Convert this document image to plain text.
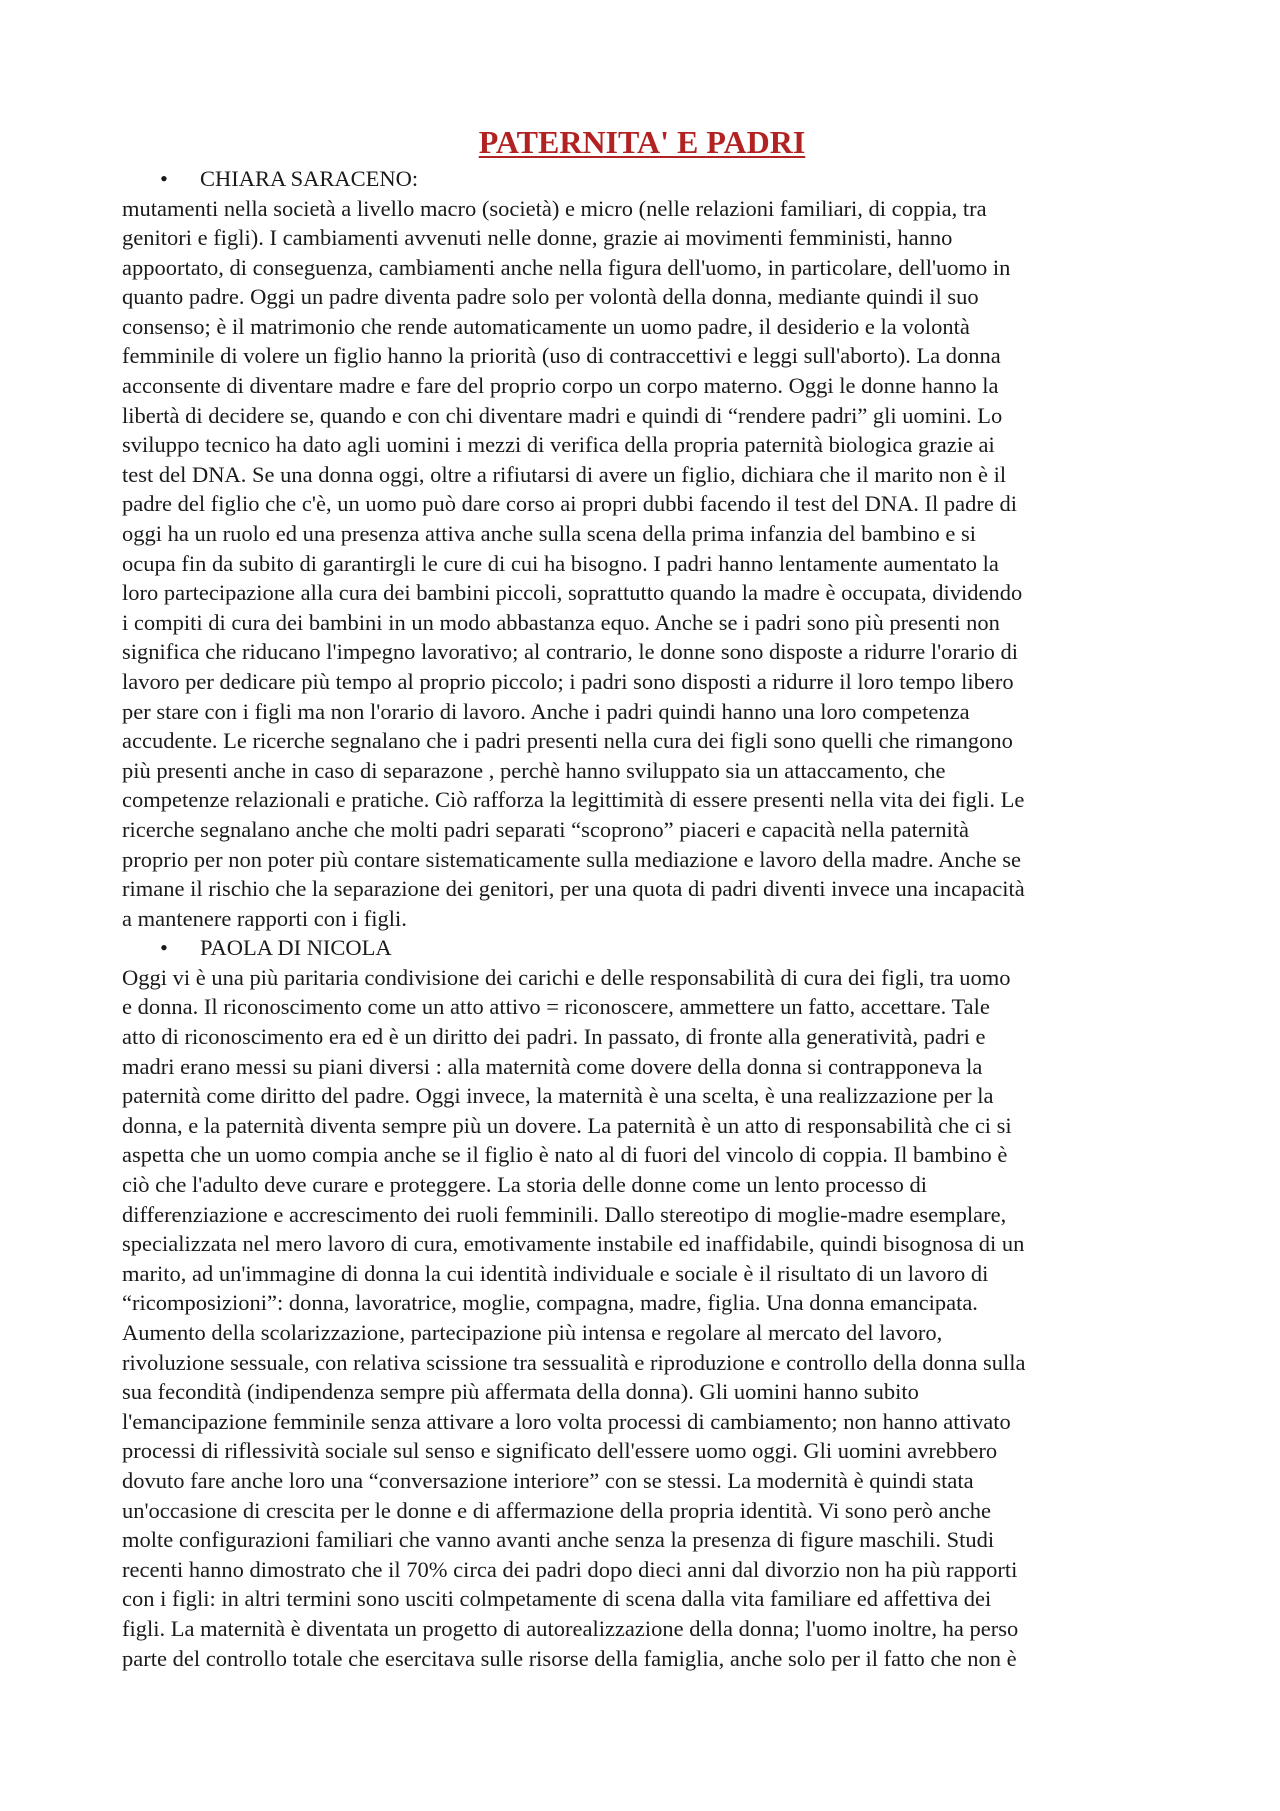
PATERNITA' E PADRI
• CHIARA SARACENO:

mutamenti nella società a livello macro (società) e micro (nelle relazioni familiari, di coppia, tra
genitori e figli). I cambiamenti avvenuti nelle donne, grazie ai movimenti femministi, hanno
appoortato, di conseguenza, cambiamenti anche nella figura dell'uomo, in particolare, dell'uomo in
quanto padre. Oggi un padre diventa padre solo per volontà della donna, mediante quindi il suo
consenso; è il matrimonio che rende automaticamente un uomo padre, il desiderio e la volontà
femminile di volere un figlio hanno la priorità (uso di contraccettivi e leggi sull'aborto). La donna
acconsente di diventare madre e fare del proprio corpo un corpo materno. Oggi le donne hanno la
libertà di decidere se, quando e con chi diventare madri e quindi di “rendere padri” gli uomini. Lo
sviluppo tecnico ha dato agli uomini i mezzi di verifica della propria paternità biologica grazie ai
test del DNA. Se una donna oggi, oltre a rifiutarsi di avere un figlio, dichiara che il marito non è il
padre del figlio che c'è, un uomo può dare corso ai propri dubbi facendo il test del DNA. Il padre di
oggi ha un ruolo ed una presenza attiva anche sulla scena della prima infanzia del bambino e si
ocupa fin da subito di garantirgli le cure di cui ha bisogno. I padri hanno lentamente aumentato la
loro partecipazione alla cura dei bambini piccoli, soprattutto quando la madre è occupata, dividendo
i compiti di cura dei bambini in un modo abbastanza equo. Anche se i padri sono più presenti non
significa che riducano l'impegno lavorativo; al contrario, le donne sono disposte a ridurre l'orario di
lavoro per dedicare più tempo al proprio piccolo; i padri sono disposti a ridurre il loro tempo libero
per stare con i figli ma non l'orario di lavoro. Anche i padri quindi hanno una loro competenza
accudente. Le ricerche segnalano che i padri presenti nella cura dei figli sono quelli che rimangono
più presenti anche in caso di separazone , perchè hanno sviluppato sia un attaccamento, che
competenze relazionali e pratiche. Ciò rafforza la legittimità di essere presenti nella vita dei figli. Le
ricerche segnalano anche che molti padri separati “scoprono” piaceri e capacità nella paternità
proprio per non poter più contare sistematicamente sulla mediazione e lavoro della madre. Anche se
rimane il rischio che la separazione dei genitori, per una quota di padri diventi invece una incapacità
a mantenere rapporti con i figli.

• PAOLA DI NICOLA

Oggi vi è una più paritaria condivisione dei carichi e delle responsabilità di cura dei figli, tra uomo
e donna. Il riconoscimento come un atto attivo = riconoscere, ammettere un fatto, accettare. Tale
atto di riconoscimento era ed è un diritto dei padri. In passato, di fronte alla generatività, padri e
madri erano messi su piani diversi : alla maternità come dovere della donna si contrapponeva la
paternità come diritto del padre. Oggi invece, la maternità è una scelta, è una realizzazione per la
donna, e la paternità diventa sempre più un dovere. La paternità è un atto di responsabilità che ci si
aspetta che un uomo compia anche se il figlio è nato al di fuori del vincolo di coppia. Il bambino è
ciò che l'adulto deve curare e proteggere. La storia delle donne come un lento processo di
differenziazione e accrescimento dei ruoli femminili. Dallo stereotipo di moglie-madre esemplare,
specializzata nel mero lavoro di cura, emotivamente instabile ed inaffidabile, quindi bisognosa di un
marito, ad un'immagine di donna la cui identità individuale e sociale è il risultato di un lavoro di
“ricomposizioni”: donna, lavoratrice, moglie, compagna, madre, figlia. Una donna emancipata.
Aumento della scolarizzazione, partecipazione più intensa e regolare al mercato del lavoro,
rivoluzione sessuale, con relativa scissione tra sessualità e riproduzione e controllo della donna sulla
sua fecondità (indipendenza sempre più affermata della donna). Gli uomini hanno subito
l'emancipazione femminile senza attivare a loro volta processi di cambiamento; non hanno attivato
processi di riflessività sociale sul senso e significato dell'essere uomo oggi. Gli uomini avrebbero
dovuto fare anche loro una “conversazione interiore” con se stessi. La modernità è quindi stata
un'occasione di crescita per le donne e di affermazione della propria identità. Vi sono però anche
molte configurazioni familiari che vanno avanti anche senza la presenza di figure maschili. Studi
recenti hanno dimostrato che il 70% circa dei padri dopo dieci anni dal divorzio non ha più rapporti
con i figli: in altri termini sono usciti colmpetamente di scena dalla vita familiare ed affettiva dei
figli. La maternità è diventata un progetto di autorealizzazione della donna; l'uomo inoltre, ha perso
parte del controllo totale che esercitava sulle risorse della famiglia, anche solo per il fatto che non è
